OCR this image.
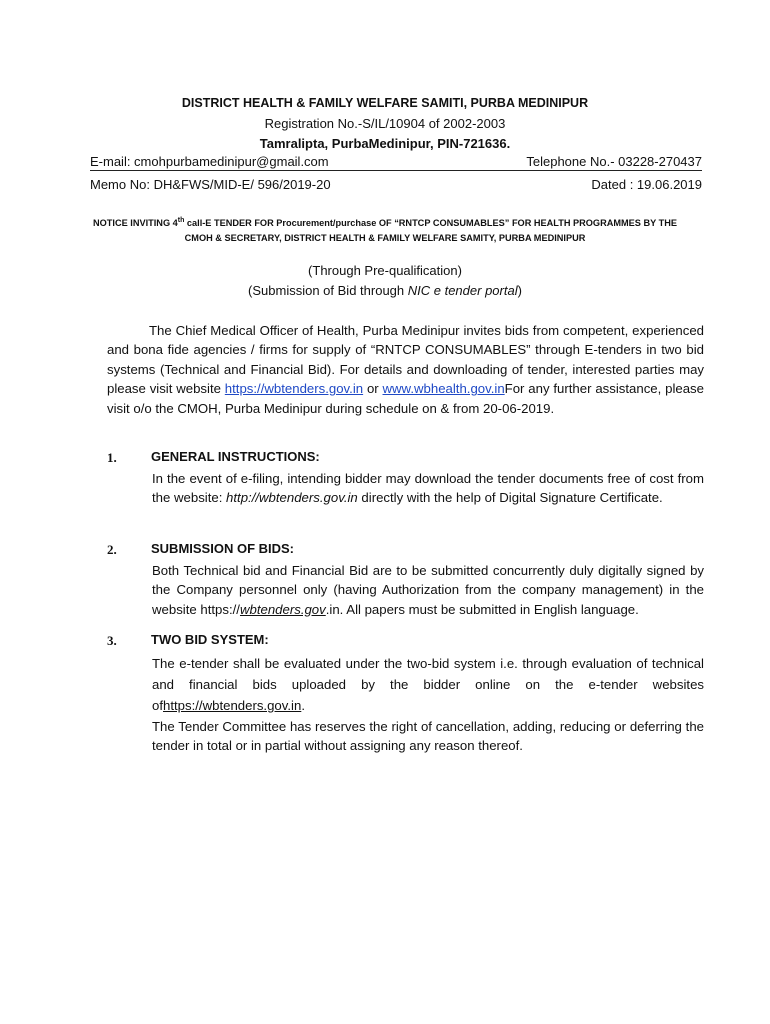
DISTRICT HEALTH & FAMILY WELFARE SAMITI, PURBA MEDINIPUR
Registration No.-S/IL/10904 of 2002-2003
Tamralipta, PurbaMedinipur, PIN-721636.
E-mail: cmohpurbamedinipur@gmail.com	Telephone No.- 03228-270437
Memo No: DH&FWS/MID-E/ 596/2019-20	Dated : 19.06.2019
NOTICE INVITING 4th call-E TENDER FOR Procurement/purchase OF “RNTCP CONSUMABLES” FOR HEALTH PROGRAMMES BY THE
CMOH & SECRETARY, DISTRICT HEALTH & FAMILY WELFARE SAMITY, PURBA MEDINIPUR
(Through Pre-qualification)
(Submission of Bid through NIC e tender portal)
The Chief Medical Officer of Health, Purba Medinipur invites bids from competent, experienced and bona fide agencies / firms for supply of “RNTCP CONSUMABLES” through E-tenders in two bid systems (Technical and Financial Bid). For details and downloading of tender, interested parties may please visit website https://wbtenders.gov.in or www.wbhealth.gov.inFor any further assistance, please visit o/o the CMOH, Purba Medinipur during schedule on & from 20-06-2019.
1.	GENERAL INSTRUCTIONS:
In the event of e-filing, intending bidder may download the tender documents free of cost from the website: http://wbtenders.gov.in directly with the help of Digital Signature Certificate.
2.	SUBMISSION OF BIDS:
Both Technical bid and Financial Bid are to be submitted concurrently duly digitally signed by the Company personnel only (having Authorization from the company management) in the website https://wbtenders.gov.in. All papers must be submitted in English language.
3.	TWO BID SYSTEM:
The e-tender shall be evaluated under the two-bid system i.e. through evaluation of technical and financial bids uploaded by the bidder online on the e-tender websites ofhttps://wbtenders.gov.in.
The Tender Committee has reserves the right of cancellation, adding, reducing or deferring the tender in total or in partial without assigning any reason thereof.
